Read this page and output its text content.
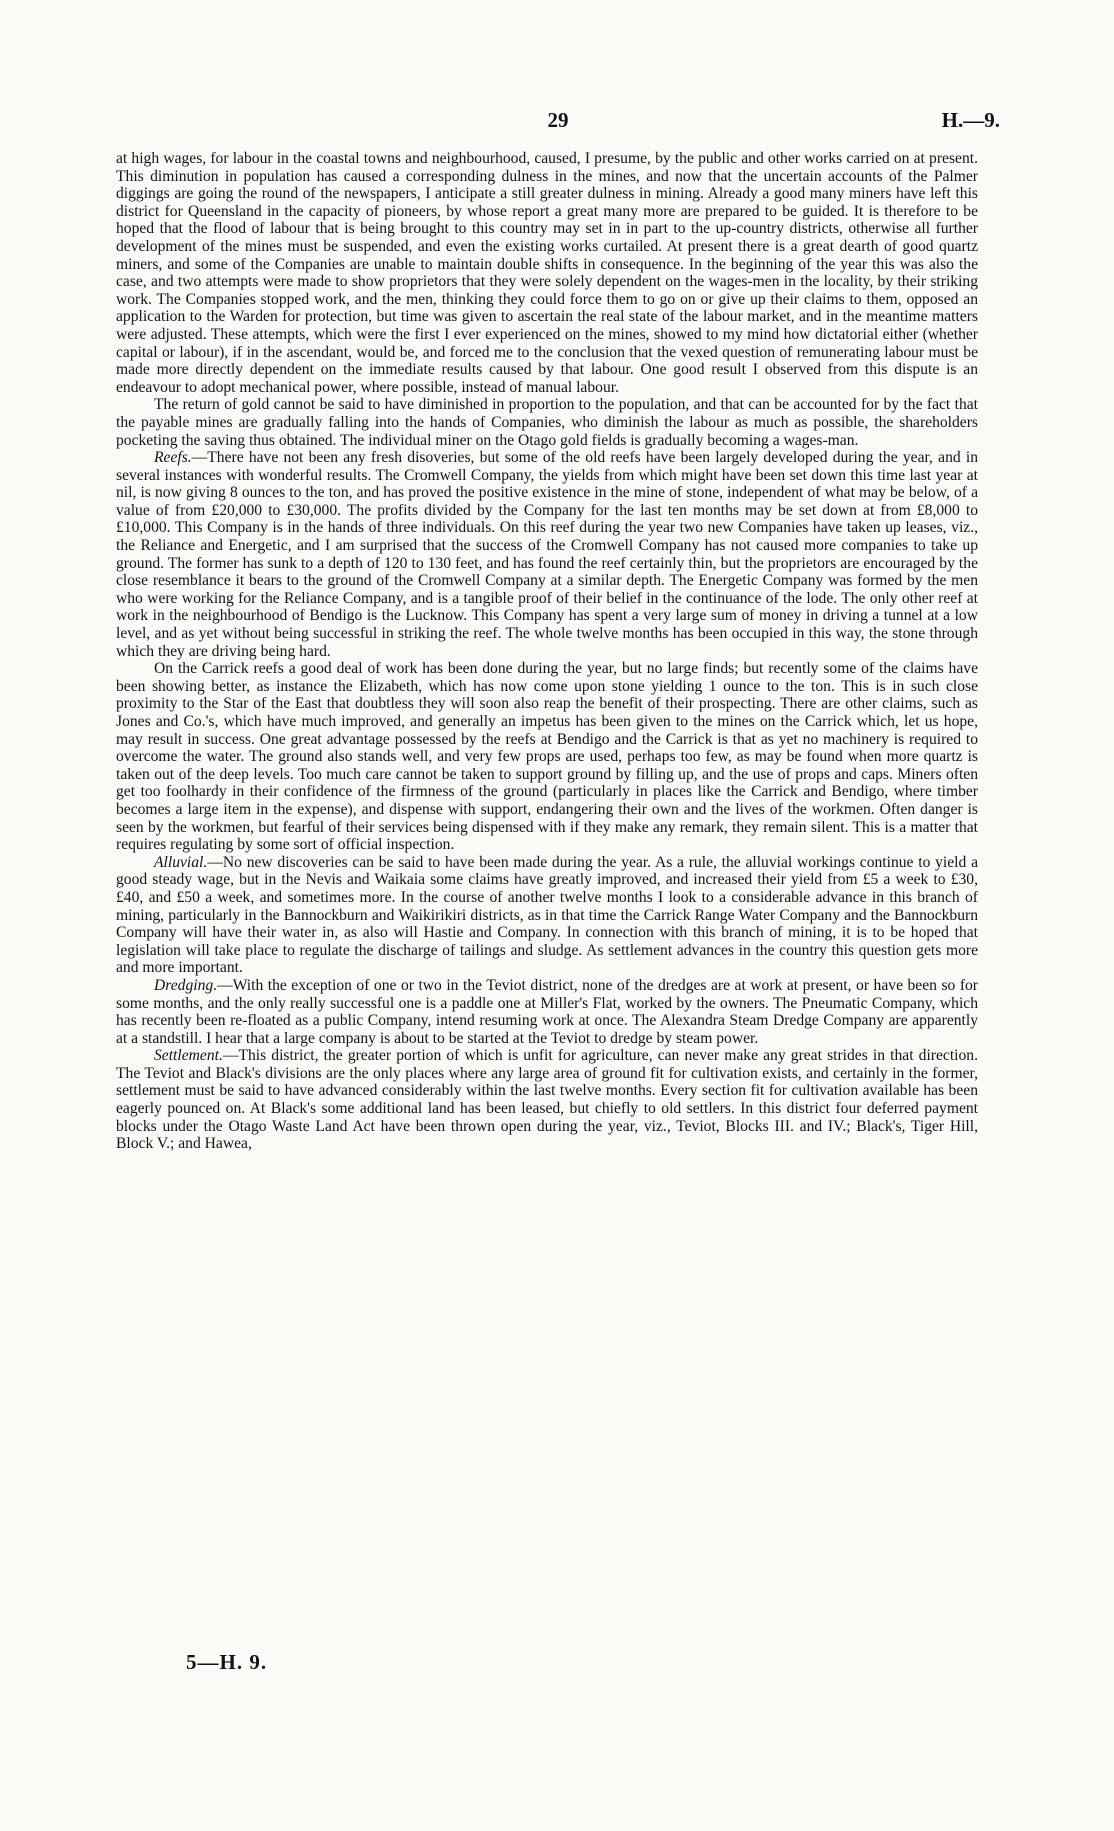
29	H.—9.

at high wages, for labour in the coastal towns and neighbourhood, caused, I presume, by the public and other works carried on at present. This diminution in population has caused a corresponding dulness in the mines, and now that the uncertain accounts of the Palmer diggings are going the round of the newspapers, I anticipate a still greater dulness in mining. Already a good many miners have left this district for Queensland in the capacity of pioneers, by whose report a great many more are prepared to be guided. It is therefore to be hoped that the flood of labour that is being brought to this country may set in in part to the up-country districts, otherwise all further development of the mines must be suspended, and even the existing works curtailed. At present there is a great dearth of good quartz miners, and some of the Companies are unable to maintain double shifts in consequence. In the beginning of the year this was also the case, and two attempts were made to show proprietors that they were solely dependent on the wages-men in the locality, by their striking work. The Companies stopped work, and the men, thinking they could force them to go on or give up their claims to them, opposed an application to the Warden for protection, but time was given to ascertain the real state of the labour market, and in the meantime matters were adjusted. These attempts, which were the first I ever experienced on the mines, showed to my mind how dictatorial either (whether capital or labour), if in the ascendant, would be, and forced me to the conclusion that the vexed question of remunerating labour must be made more directly dependent on the immediate results caused by that labour. One good result I observed from this dispute is an endeavour to adopt mechanical power, where possible, instead of manual labour.

The return of gold cannot be said to have diminished in proportion to the population, and that can be accounted for by the fact that the payable mines are gradually falling into the hands of Companies, who diminish the labour as much as possible, the shareholders pocketing the saving thus obtained. The individual miner on the Otago gold fields is gradually becoming a wages-man.

Reefs.—There have not been any fresh disoveries, but some of the old reefs have been largely developed during the year, and in several instances with wonderful results. The Cromwell Company, the yields from which might have been set down this time last year at nil, is now giving 8 ounces to the ton, and has proved the positive existence in the mine of stone, independent of what may be below, of a value of from £20,000 to £30,000. The profits divided by the Company for the last ten months may be set down at from £8,000 to £10,000. This Company is in the hands of three individuals. On this reef during the year two new Companies have taken up leases, viz., the Reliance and Energetic, and I am surprised that the success of the Cromwell Company has not caused more companies to take up ground. The former has sunk to a depth of 120 to 130 feet, and has found the reef certainly thin, but the proprietors are encouraged by the close resemblance it bears to the ground of the Cromwell Company at a similar depth. The Energetic Company was formed by the men who were working for the Reliance Company, and is a tangible proof of their belief in the continuance of the lode. The only other reef at work in the neighbourhood of Bendigo is the Lucknow. This Company has spent a very large sum of money in driving a tunnel at a low level, and as yet without being successful in striking the reef. The whole twelve months has been occupied in this way, the stone through which they are driving being hard.

On the Carrick reefs a good deal of work has been done during the year, but no large finds; but recently some of the claims have been showing better, as instance the Elizabeth, which has now come upon stone yielding 1 ounce to the ton. This is in such close proximity to the Star of the East that doubtless they will soon also reap the benefit of their prospecting. There are other claims, such as Jones and Co.'s, which have much improved, and generally an impetus has been given to the mines on the Carrick which, let us hope, may result in success. One great advantage possessed by the reefs at Bendigo and the Carrick is that as yet no machinery is required to overcome the water. The ground also stands well, and very few props are used, perhaps too few, as may be found when more quartz is taken out of the deep levels. Too much care cannot be taken to support ground by filling up, and the use of props and caps. Miners often get too foolhardy in their confidence of the firmness of the ground (particularly in places like the Carrick and Bendigo, where timber becomes a large item in the expense), and dispense with support, endangering their own and the lives of the workmen. Often danger is seen by the workmen, but fearful of their services being dispensed with if they make any remark, they remain silent. This is a matter that requires regulating by some sort of official inspection.

Alluvial.—No new discoveries can be said to have been made during the year. As a rule, the alluvial workings continue to yield a good steady wage, but in the Nevis and Waikaia some claims have greatly improved, and increased their yield from £5 a week to £30, £40, and £50 a week, and sometimes more. In the course of another twelve months I look to a considerable advance in this branch of mining, particularly in the Bannockburn and Waikirikiri districts, as in that time the Carrick Range Water Company and the Bannockburn Company will have their water in, as also will Hastie and Company. In connection with this branch of mining, it is to be hoped that legislation will take place to regulate the discharge of tailings and sludge. As settlement advances in the country this question gets more and more important.

Dredging.—With the exception of one or two in the Teviot district, none of the dredges are at work at present, or have been so for some months, and the only really successful one is a paddle one at Miller's Flat, worked by the owners. The Pneumatic Company, which has recently been re-floated as a public Company, intend resuming work at once. The Alexandra Steam Dredge Company are apparently at a standstill. I hear that a large company is about to be started at the Teviot to dredge by steam power.

Settlement.—This district, the greater portion of which is unfit for agriculture, can never make any great strides in that direction. The Teviot and Black's divisions are the only places where any large area of ground fit for cultivation exists, and certainly in the former, settlement must be said to have advanced considerably within the last twelve months. Every section fit for cultivation available has been eagerly pounced on. At Black's some additional land has been leased, but chiefly to old settlers. In this district four deferred payment blocks under the Otago Waste Land Act have been thrown open during the year, viz., Teviot, Blocks III. and IV.; Black's, Tiger Hill, Block V.; and Hawea,

5—H. 9.
